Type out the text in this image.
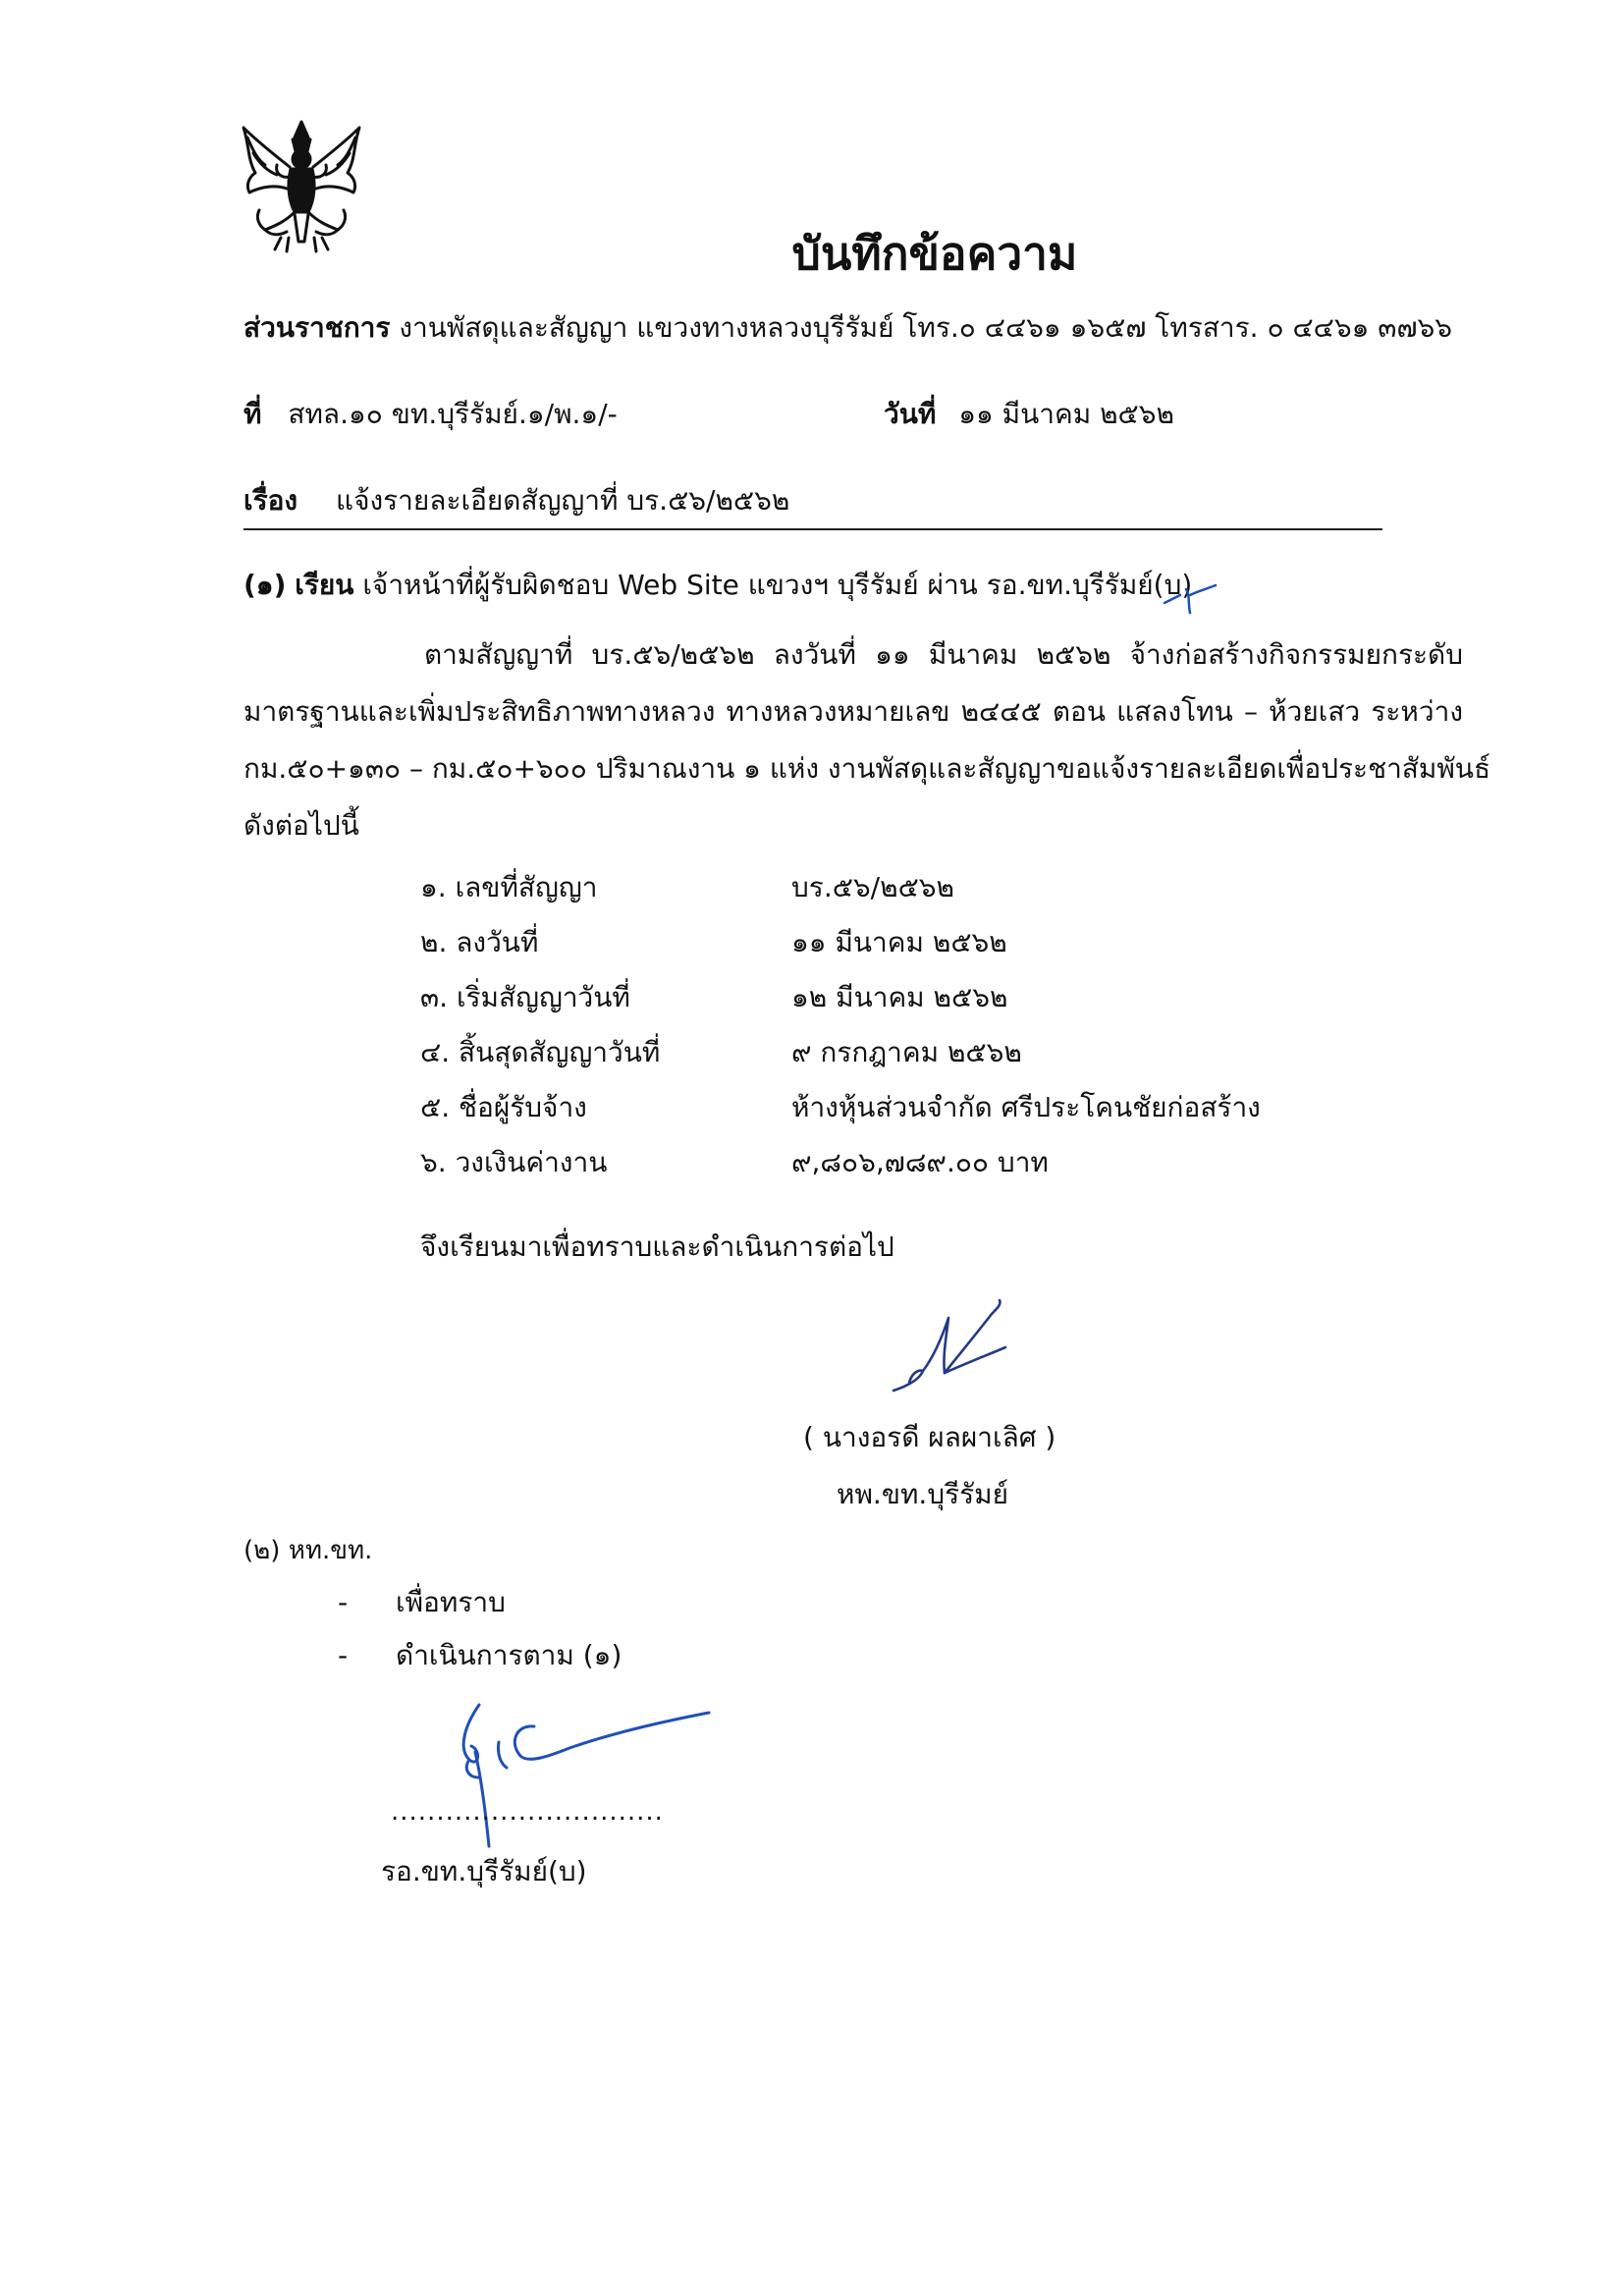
บันทึกข้อความ
ส่วนราชการ งานพัสดุและสัญญา แขวงทางหลวงบุรีรัมย์ โทร.๐ ๔๔๖๑ ๑๖๕๗ โทรสาร. ๐ ๔๔๖๑ ๓๗๖๖
ที่ สทล.๑๐ ขท.บุรีรัมย์.๑/พ.๑/-	วันที่ ๑๑ มีนาคม ๒๕๖๒
เรื่อง แจ้งรายละเอียดสัญญาที่ บร.๕๖/๒๕๖๒
(๑) เรียน เจ้าหน้าที่ผู้รับผิดชอบ Web Site แขวงฯ บุรีรัมย์ ผ่าน รอ.ขท.บุรีรัมย์(บ)
ตามสัญญาที่ บร.๕๖/๒๕๖๒ ลงวันที่ ๑๑ มีนาคม ๒๕๖๒ จ้างก่อสร้างกิจกรรมยกระดับ
มาตรฐานและเพิ่มประสิทธิภาพทางหลวง ทางหลวงหมายเลข ๒๔๔๕ ตอน แสลงโทน – ห้วยเสว ระหว่าง
กม.๕๐+๑๓๐ – กม.๕๐+๖๐๐ ปริมาณงาน ๑ แห่ง งานพัสดุและสัญญาขอแจ้งรายละเอียดเพื่อประชาสัมพันธ์
ดังต่อไปนี้
๑. เลขที่สัญญา	บร.๕๖/๒๕๖๒
๒. ลงวันที่	๑๑ มีนาคม ๒๕๖๒
๓. เริ่มสัญญาวันที่	๑๒ มีนาคม ๒๕๖๒
๔. สิ้นสุดสัญญาวันที่	๙ กรกฎาคม ๒๕๖๒
๕. ชื่อผู้รับจ้าง	ห้างหุ้นส่วนจำกัด ศรีประโคนชัยก่อสร้าง
๖. วงเงินค่างาน	๙,๘๐๖,๗๘๙.๐๐ บาท
จึงเรียนมาเพื่อทราบและดำเนินการต่อไป
( นางอรดี ผลผาเลิศ )
หพ.ขท.บุรีรัมย์
(๒) หท.ขท.
- เพื่อทราบ
- ดำเนินการตาม (๑)
..............................
รอ.ขท.บุรีรัมย์(บ)
